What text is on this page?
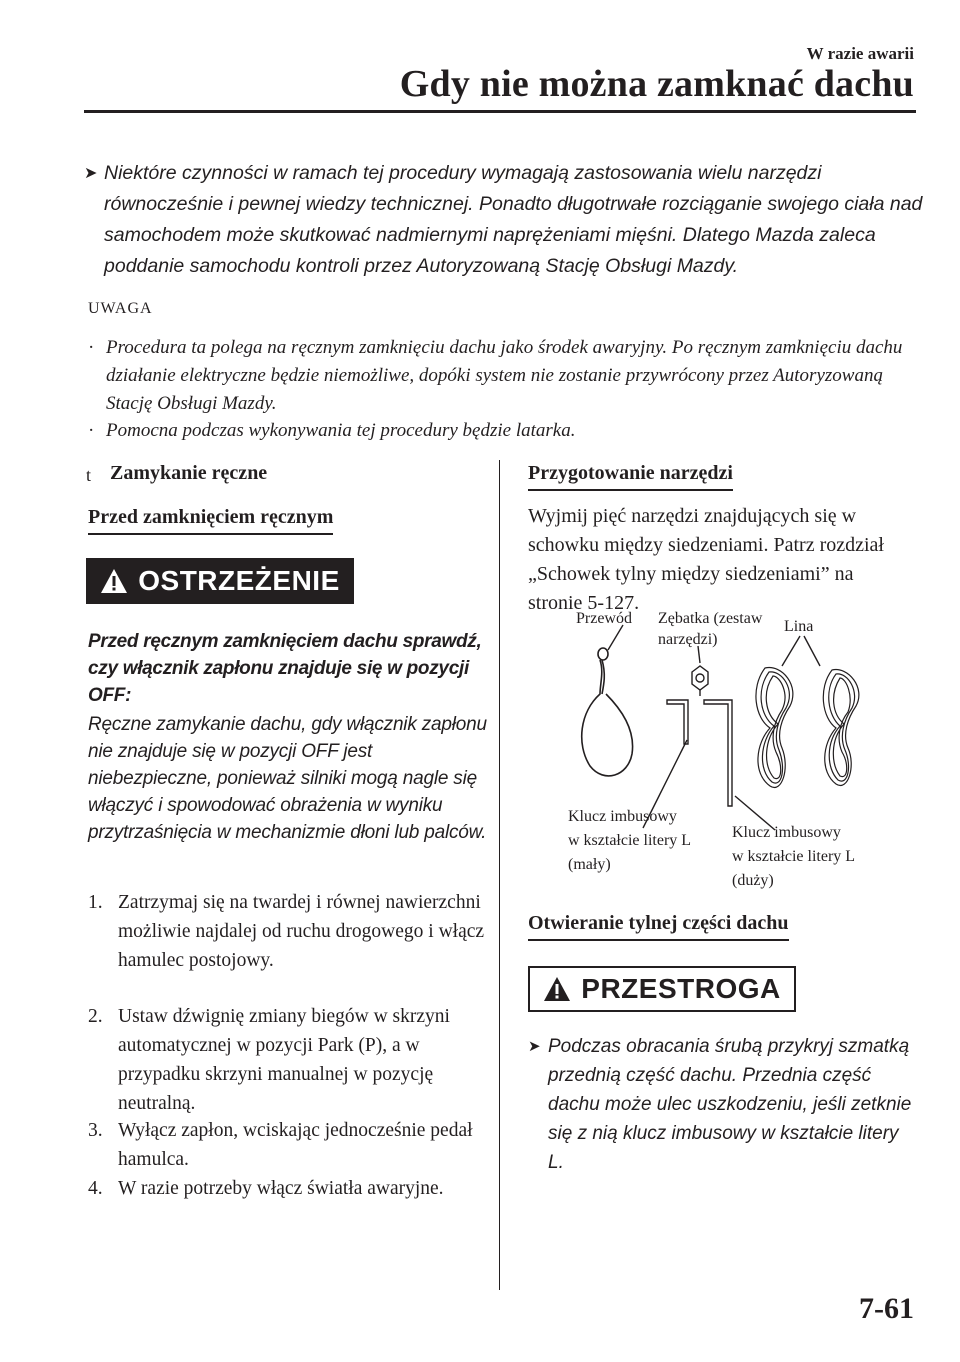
W razie awarii
Gdy nie można zamknać dachu
➤ Niektóre czynności w ramach tej procedury wymagają zastosowania wielu narzędzi równocześnie i pewnej wiedzy technicznej. Ponadto długotrwałe rozciąganie swojego ciała nad samochodem może skutkować nadmiernymi naprężeniami mięśni. Dlatego Mazda zaleca poddanie samochodu kontroli przez Autoryzowaną Stację Obsługi Mazdy.
UWAGA
· Procedura ta polega na ręcznym zamknięciu dachu jako środek awaryjny. Po ręcznym zamknięciu dachu działanie elektryczne będzie niemożliwe, dopóki system nie zostanie przywrócony przez Autoryzowaną Stację Obsługi Mazdy.
· Pomocna podczas wykonywania tej procedury będzie latarka.
t Zamykanie ręczne
Przed zamknięciem ręcznym
OSTRZEŻENIE
Przed ręcznym zamknięciem dachu sprawdź, czy włącznik zapłonu znajduje się w pozycji OFF:
Ręczne zamykanie dachu, gdy włącznik zapłonu nie znajduje się w pozycji OFF jest niebezpieczne, ponieważ silniki mogą nagle się włączyć i spowodować obrażenia w wyniku przytrzaśnięcia w mechanizmie dłoni lub palców.
1. Zatrzymaj się na twardej i równej nawierzchni możliwie najdalej od ruchu drogowego i włącz hamulec postojowy.
2. Ustaw dźwignię zmiany biegów w skrzyni automatycznej w pozycji Park (P), a w przypadku skrzyni manualnej w pozycję neutralną.
3. Wyłącz zapłon, wciskając jednocześnie pedał hamulca.
4. W razie potrzeby włącz światła awaryjne.
Przygotowanie narzędzi
Wyjmij pięć narzędzi znajdujących się w schowku między siedzeniami. Patrz rozdział „Schowek tylny między siedzeniami” na stronie 5-127.
Przewód Zębatka (zestaw
narzędzi)
Lina
Klucz imbusowy
w kształcie litery L
(mały)
Klucz imbusowy
w kształcie litery L
(duży)
Otwieranie tylnej części dachu
PRZESTROGA
➤ Podczas obracania śrubą przykryj szmatką przednią część dachu. Przednia część dachu może ulec uszkodzeniu, jeśli zetknie się z nią klucz imbusowy w kształcie litery L.
7-61
